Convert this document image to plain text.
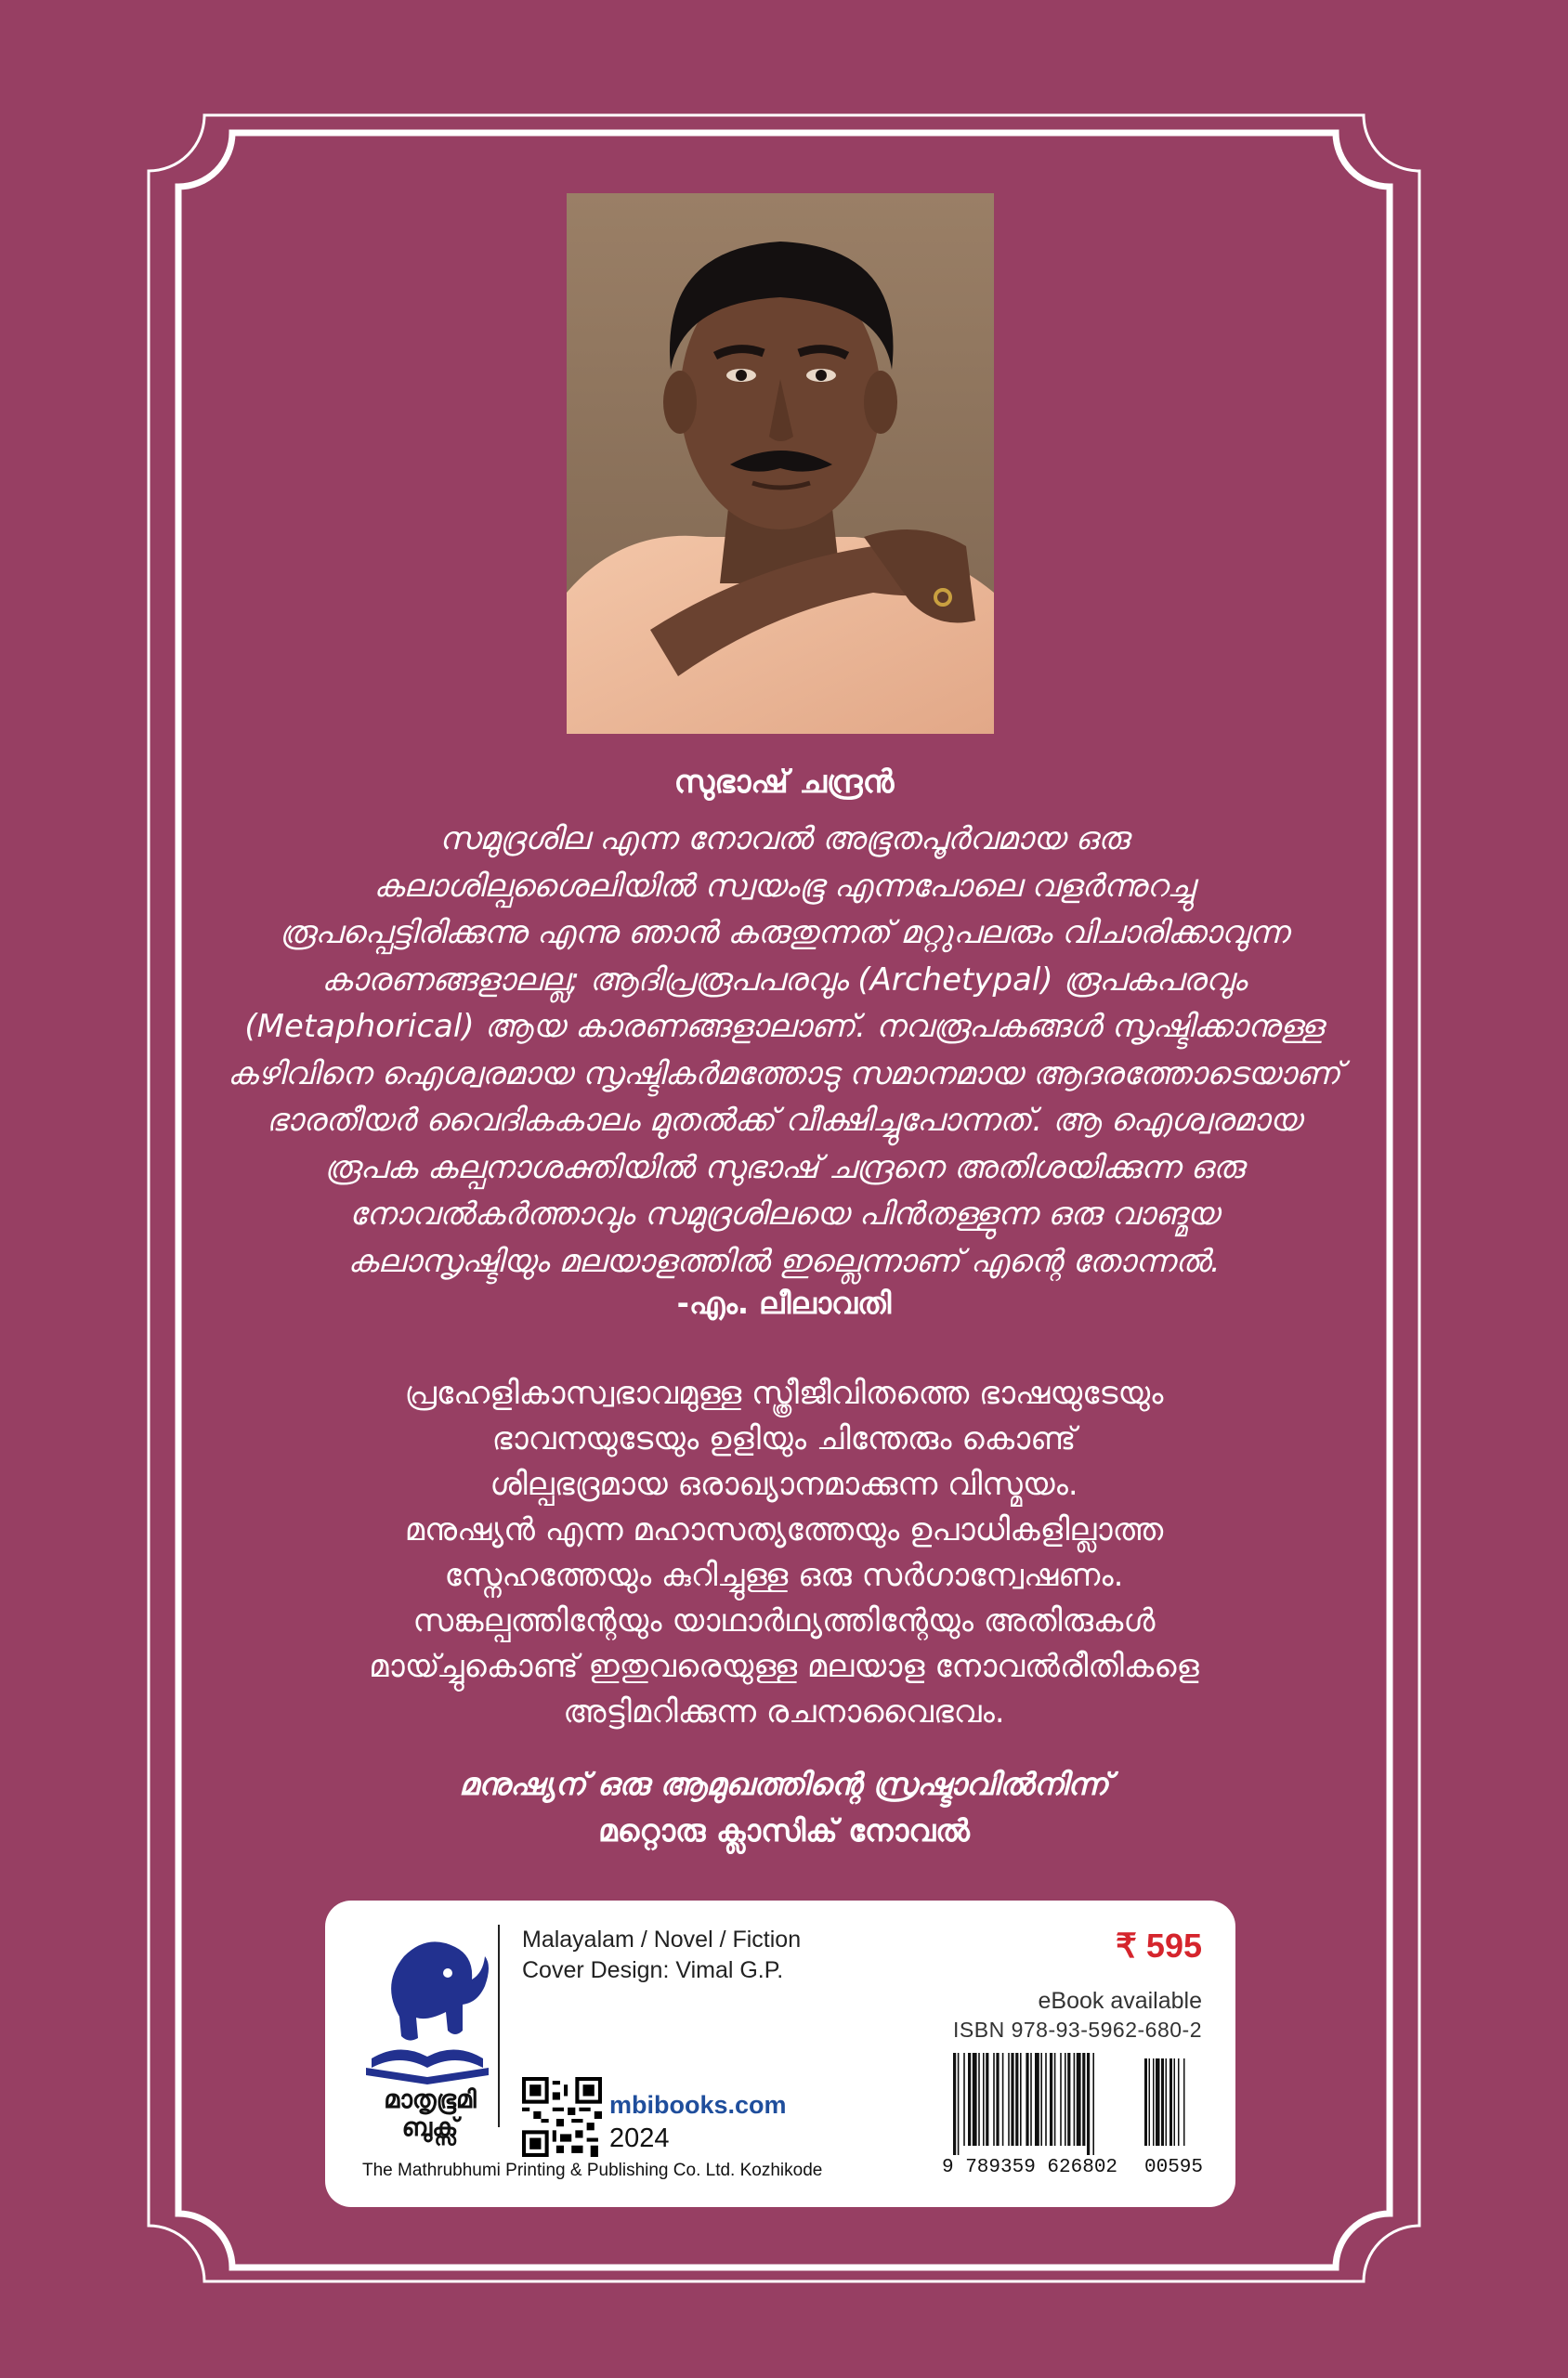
സുഭാഷ് ചന്ദ്രൻ

സമുദ്രശില എന്ന നോവൽ അഭൂതപൂർവമായ ഒരു

കലാശില്പശൈലിയിൽ സ്വയംഭൂ എന്നപോലെ വളർന്നുറച്ചു

രൂപപ്പെട്ടിരിക്കുന്നു എന്നു ഞാൻ കരുതുന്നത് മറ്റുപലരും വിചാരിക്കാവുന്ന

കാരണങ്ങളാലല്ല; ആദിപ്രരൂപപരവും (Archetypal) രൂപകപരവും

(Metaphorical) ആയ കാരണങ്ങളാലാണ്. നവരൂപകങ്ങൾ സൃഷ്ടിക്കാനുള്ള

കഴിവിനെ ഐശ്വരമായ സൃഷ്ടികർമത്തോടു സമാനമായ ആദരത്തോടെയാണ്

ഭാരതീയർ വൈദികകാലം മുതൽക്ക് വീക്ഷിച്ചുപോന്നത്. ആ ഐശ്വരമായ

രൂപക കല്പനാശക്തിയിൽ സുഭാഷ് ചന്ദ്രനെ അതിശയിക്കുന്ന ഒരു

നോവൽകർത്താവും സമുദ്രശിലയെ പിൻതള്ളുന്ന ഒരു വാങ്മയ

കലാസൃഷ്ടിയും മലയാളത്തിൽ ഇല്ലെന്നാണ് എന്റെ തോന്നൽ.

-എം. ലീലാവതി

പ്രഹേളികാസ്വഭാവമുള്ള സ്ത്രീജീവിതത്തെ ഭാഷയുടേയും

ഭാവനയുടേയും ഉളിയും ചിന്തേരും കൊണ്ട്

ശില്പഭദ്രമായ ഒരാഖ്യാനമാക്കുന്ന വിസ്മയം.

മനുഷ്യൻ എന്ന മഹാസത്യത്തേയും ഉപാധികളില്ലാത്ത

സ്നേഹത്തേയും കുറിച്ചുള്ള ഒരു സർഗാന്വേഷണം.

സങ്കല്പത്തിന്റേയും യാഥാർഥ്യത്തിന്റേയും അതിരുകൾ

മായ്ച്ചുകൊണ്ട് ഇതുവരെയുള്ള മലയാള നോവൽരീതികളെ

അട്ടിമറിക്കുന്ന രചനാവൈഭവം.

മനുഷ്യന് ഒരു ആമുഖത്തിന്റെ സ്രഷ്ടാവിൽനിന്ന്

മറ്റൊരു ക്ലാസിക് നോവൽ

മാതൃഭൂമി
ബുക്സ്
The Mathrubhumi Printing & Publishing Co. Ltd. Kozhikode
Malayalam / Novel / Fiction
Cover Design: Vimal G.P.
mbibooks.com
2024
₹ 595
eBook available
ISBN 978-93-5962-680-2
9 789359 626802 00595
